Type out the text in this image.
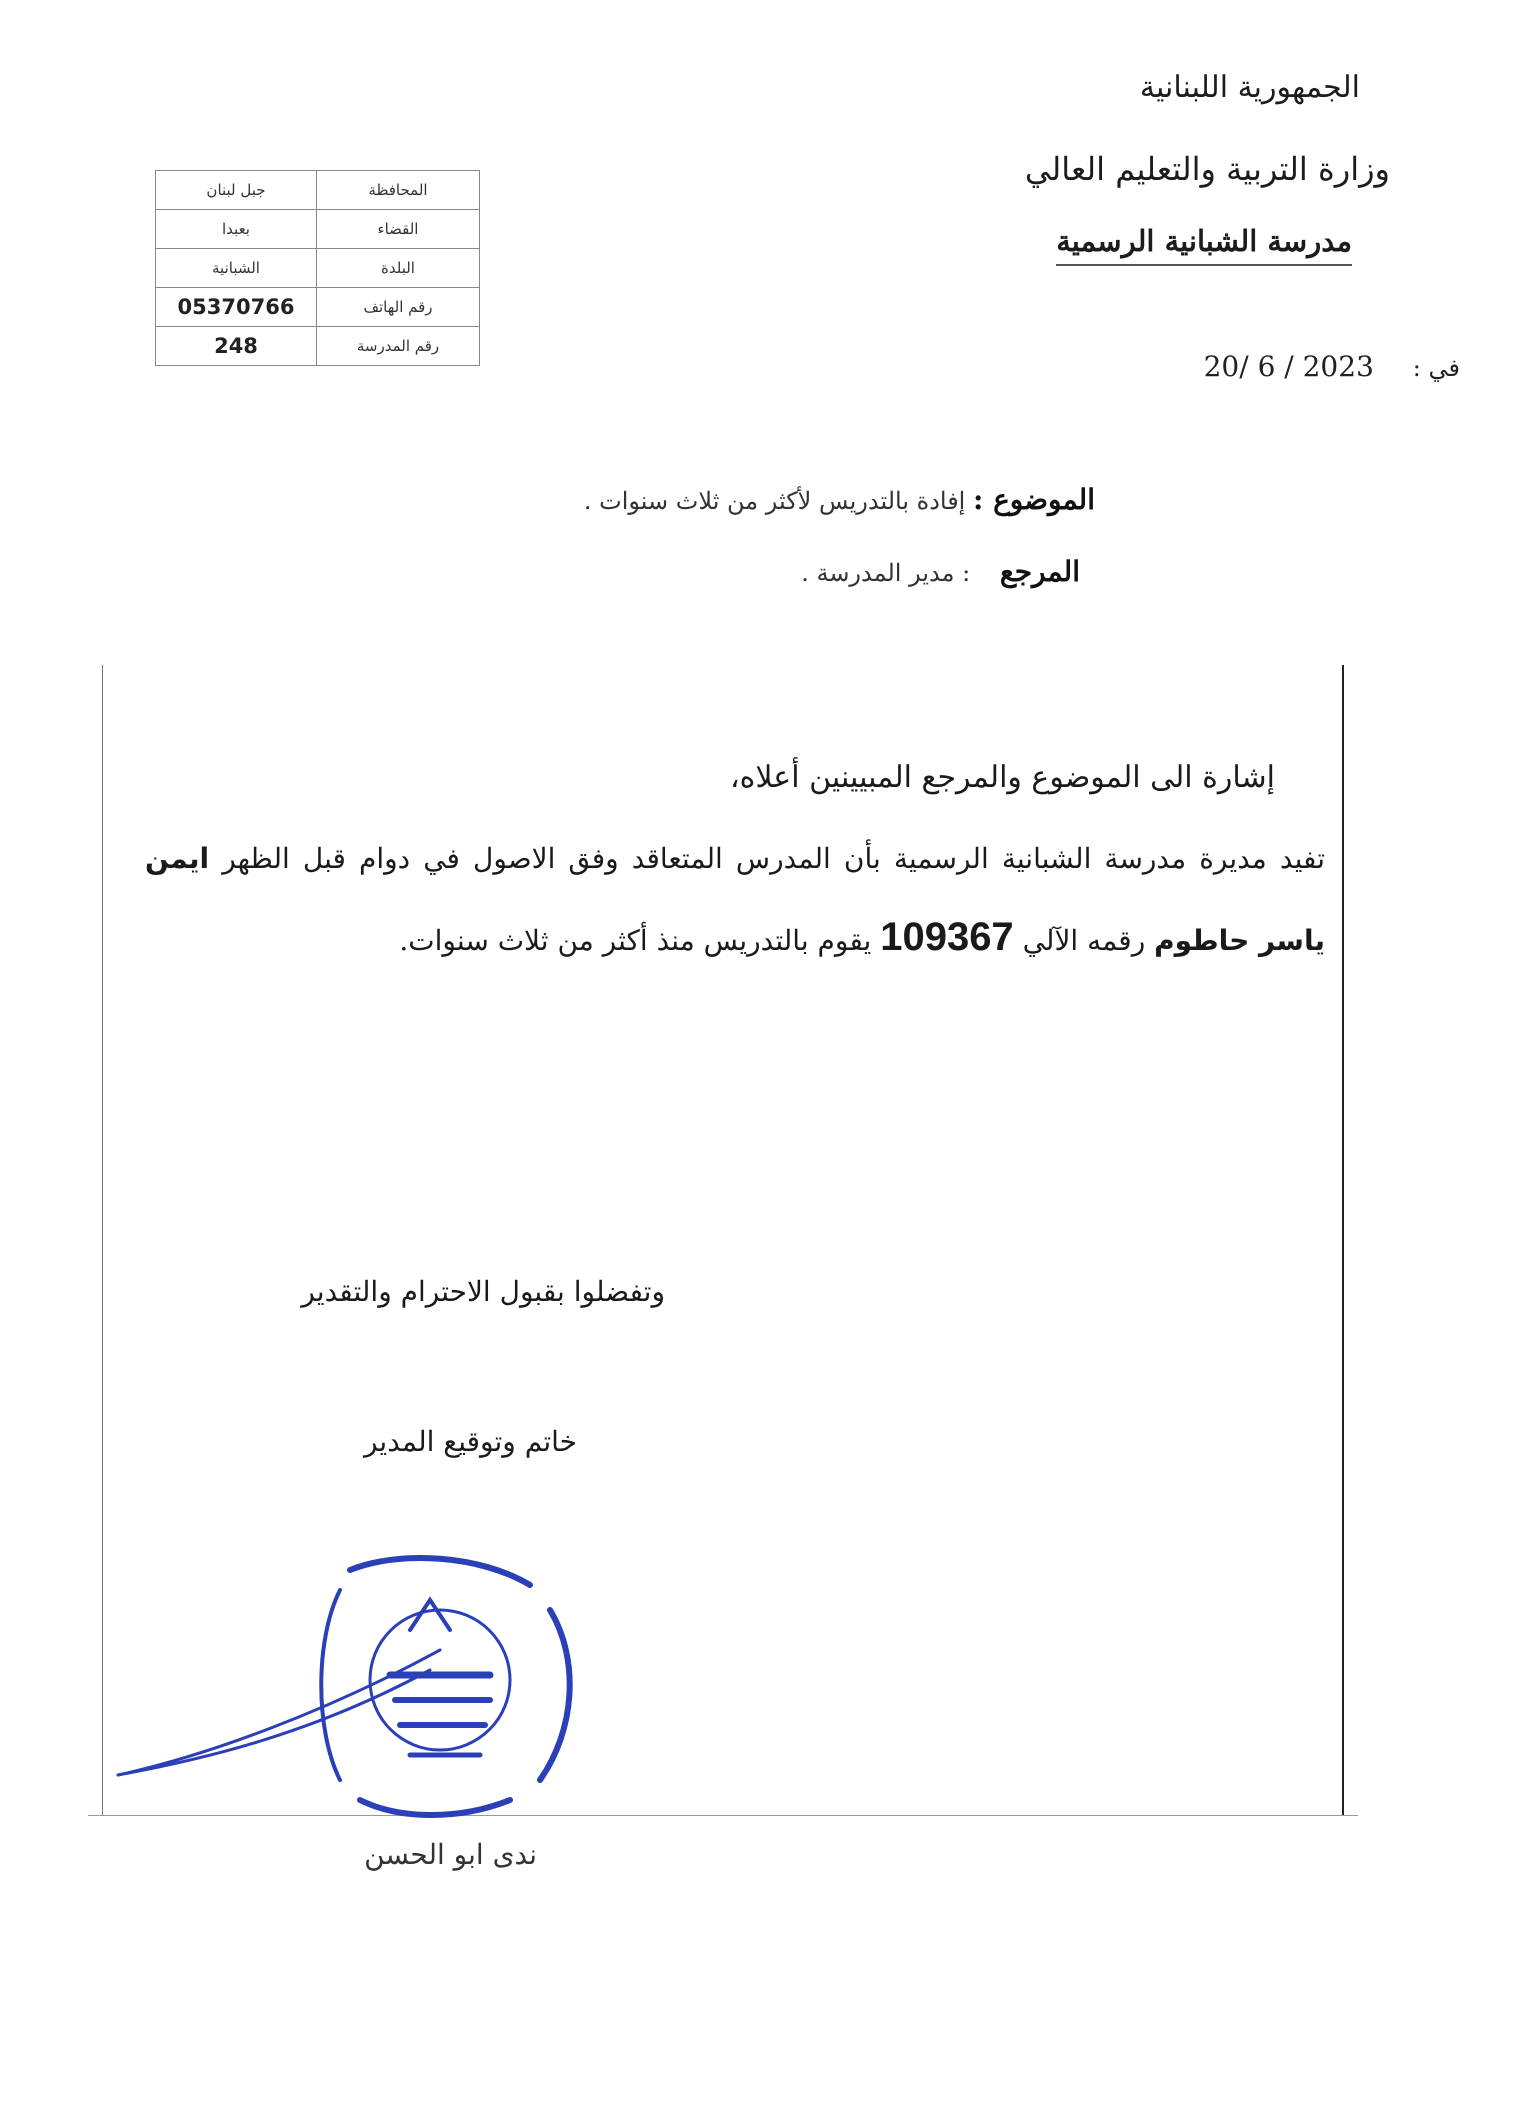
الجمهورية اللبنانية
وزارة التربية والتعليم العالي
مدرسة الشبانية الرسمية
جبل لبنان	المحافظة
بعبدا	القضاء
الشبانية	البلدة
05370766	رقم الهاتف
248	رقم المدرسة
في : 20/ 6 / 2023
الموضوع : إفادة بالتدريس لأكثر من ثلاث سنوات .
المرجع : مدير المدرسة .
إشارة الى الموضوع والمرجع المبيينين أعلاه،
تفيد مديرة مدرسة الشبانية الرسمية بأن المدرس المتعاقد وفق الاصول في دوام قبل الظهر ايمن ياسر حاطوم رقمه الآلي 109367 يقوم بالتدريس منذ أكثر من ثلاث سنوات.
وتفضلوا بقبول الاحترام والتقدير
خاتم وتوقيع المدير
ندى ابو الحسن
